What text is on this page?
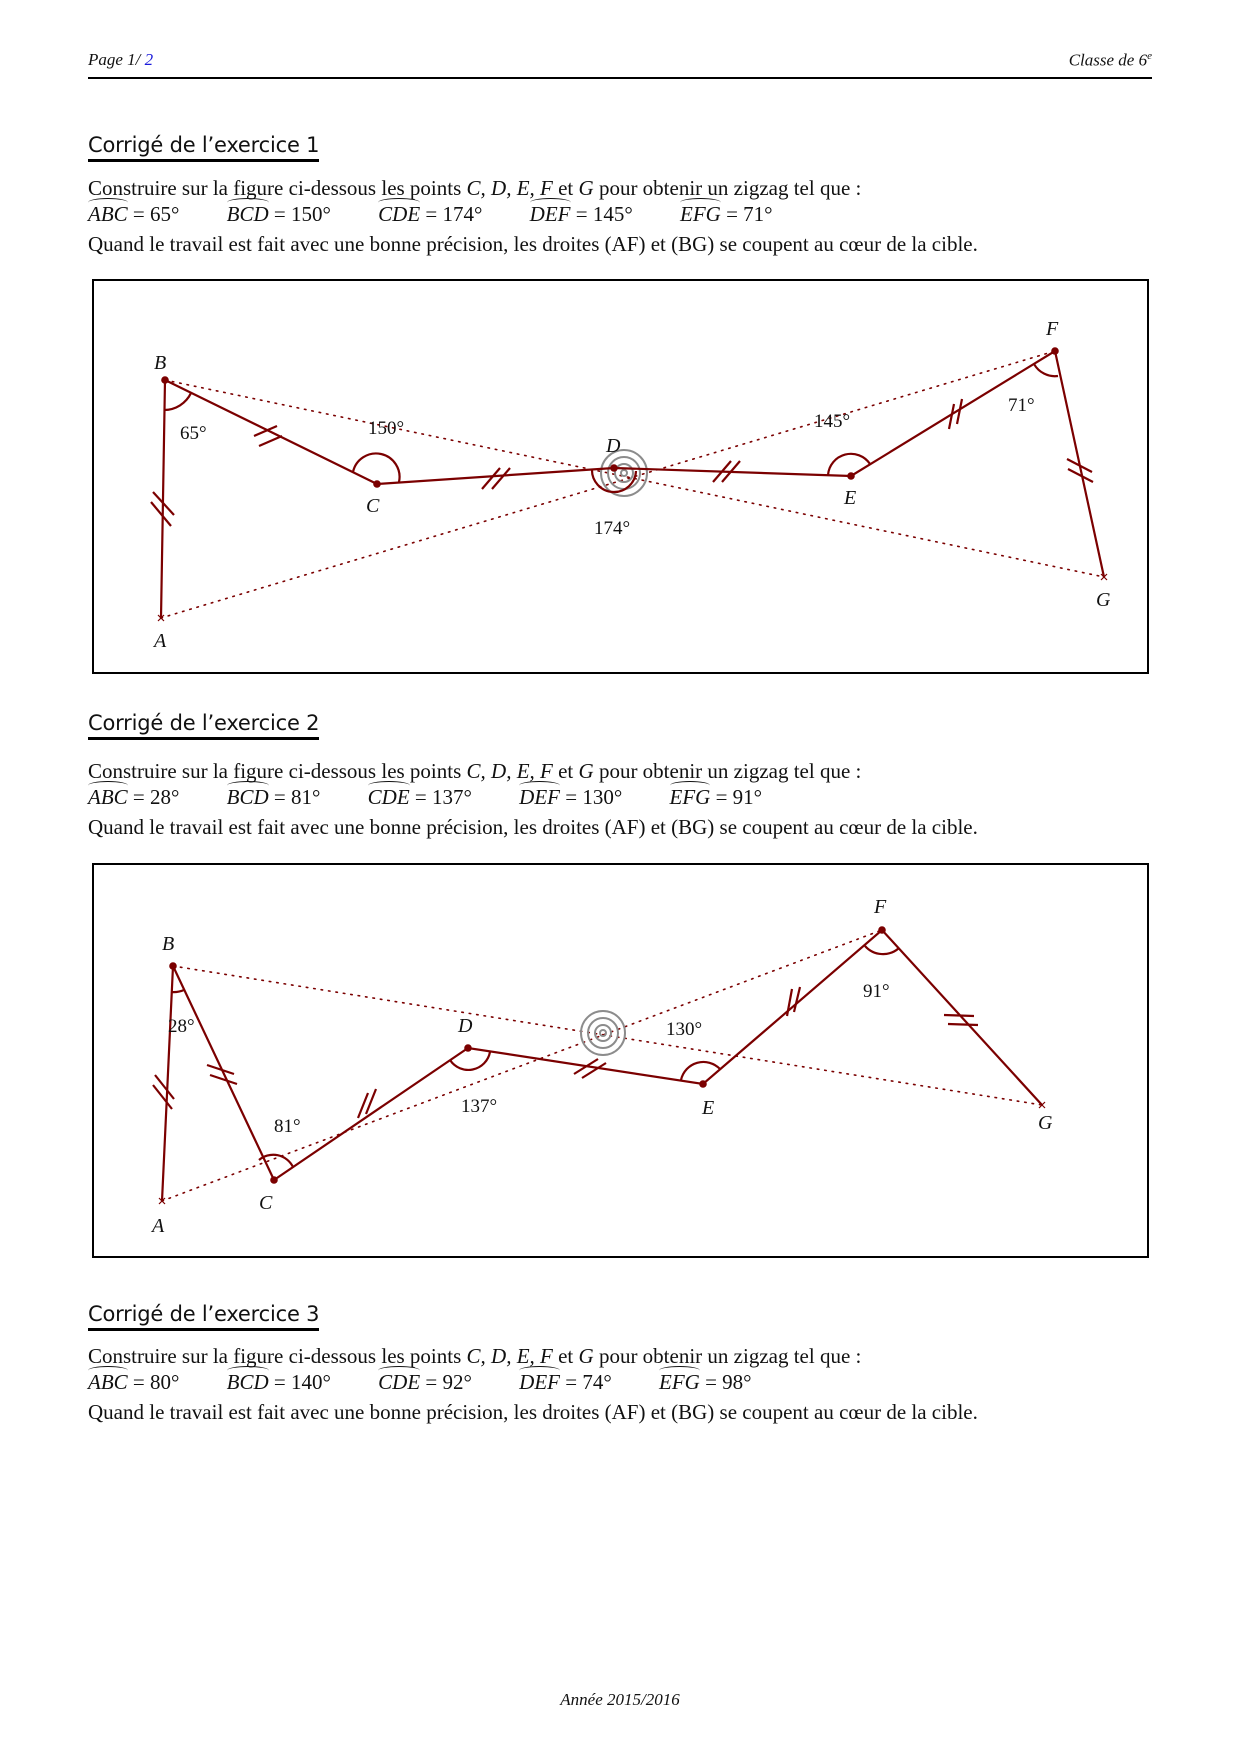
Page 1/ 2	Classe de 6e
Corrigé de l’exercice 1
Construire sur la figure ci-dessous les points C, D, E, F et G pour obtenir un zigzag tel que :
ABC = 65° BCD = 150° CDE = 174° DEF = 145° EFG = 71°
Quand le travail est fait avec une bonne précision, les droites (AF) et (BG) se coupent au cœur de la cible.
B
A
C
D
E
F
G
65°	150°
174°
145°
71°
Corrigé de l’exercice 2
Construire sur la figure ci-dessous les points C, D, E, F et G pour obtenir un zigzag tel que :
ABC = 28° BCD = 81° CDE = 137° DEF = 130° EFG = 91°
Quand le travail est fait avec une bonne précision, les droites (AF) et (BG) se coupent au cœur de la cible.
B
A
C
D
E
F
G
28°
81°
137°
130°
91°
Corrigé de l’exercice 3
Construire sur la figure ci-dessous les points C, D, E, F et G pour obtenir un zigzag tel que :
ABC = 80° BCD = 140° CDE = 92° DEF = 74° EFG = 98°
Quand le travail est fait avec une bonne précision, les droites (AF) et (BG) se coupent au cœur de la cible.
Année 2015/2016
